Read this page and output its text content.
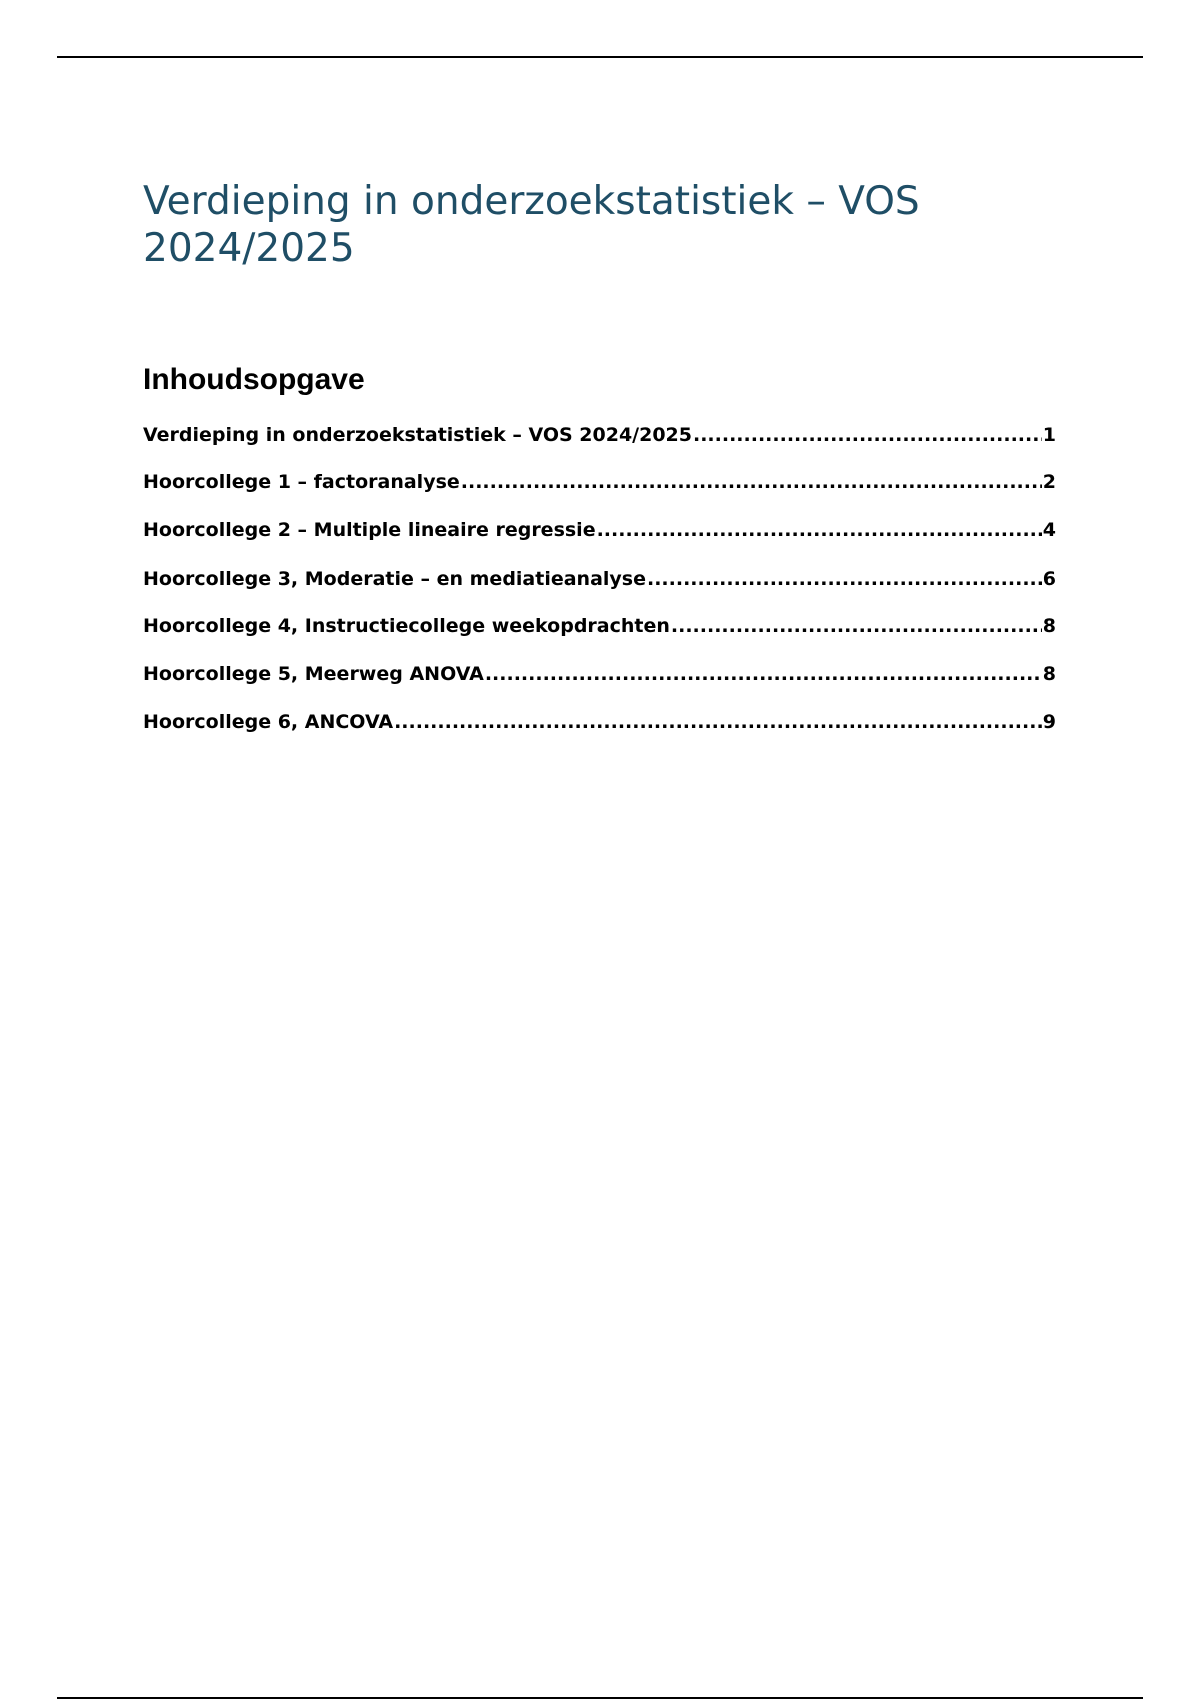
Verdieping in onderzoekstatistiek – VOS 2024/2025
Inhoudsopgave
Verdieping in onderzoekstatistiek – VOS 2024/2025 .....	1
Hoorcollege 1 – factoranalyse .....	2
Hoorcollege 2 – Multiple lineaire regressie .....	4
Hoorcollege 3, Moderatie – en mediatieanalyse .....	6
Hoorcollege 4, Instructiecollege weekopdrachten .....	8
Hoorcollege 5, Meerweg ANOVA .....	8
Hoorcollege 6, ANCOVA .....	9
